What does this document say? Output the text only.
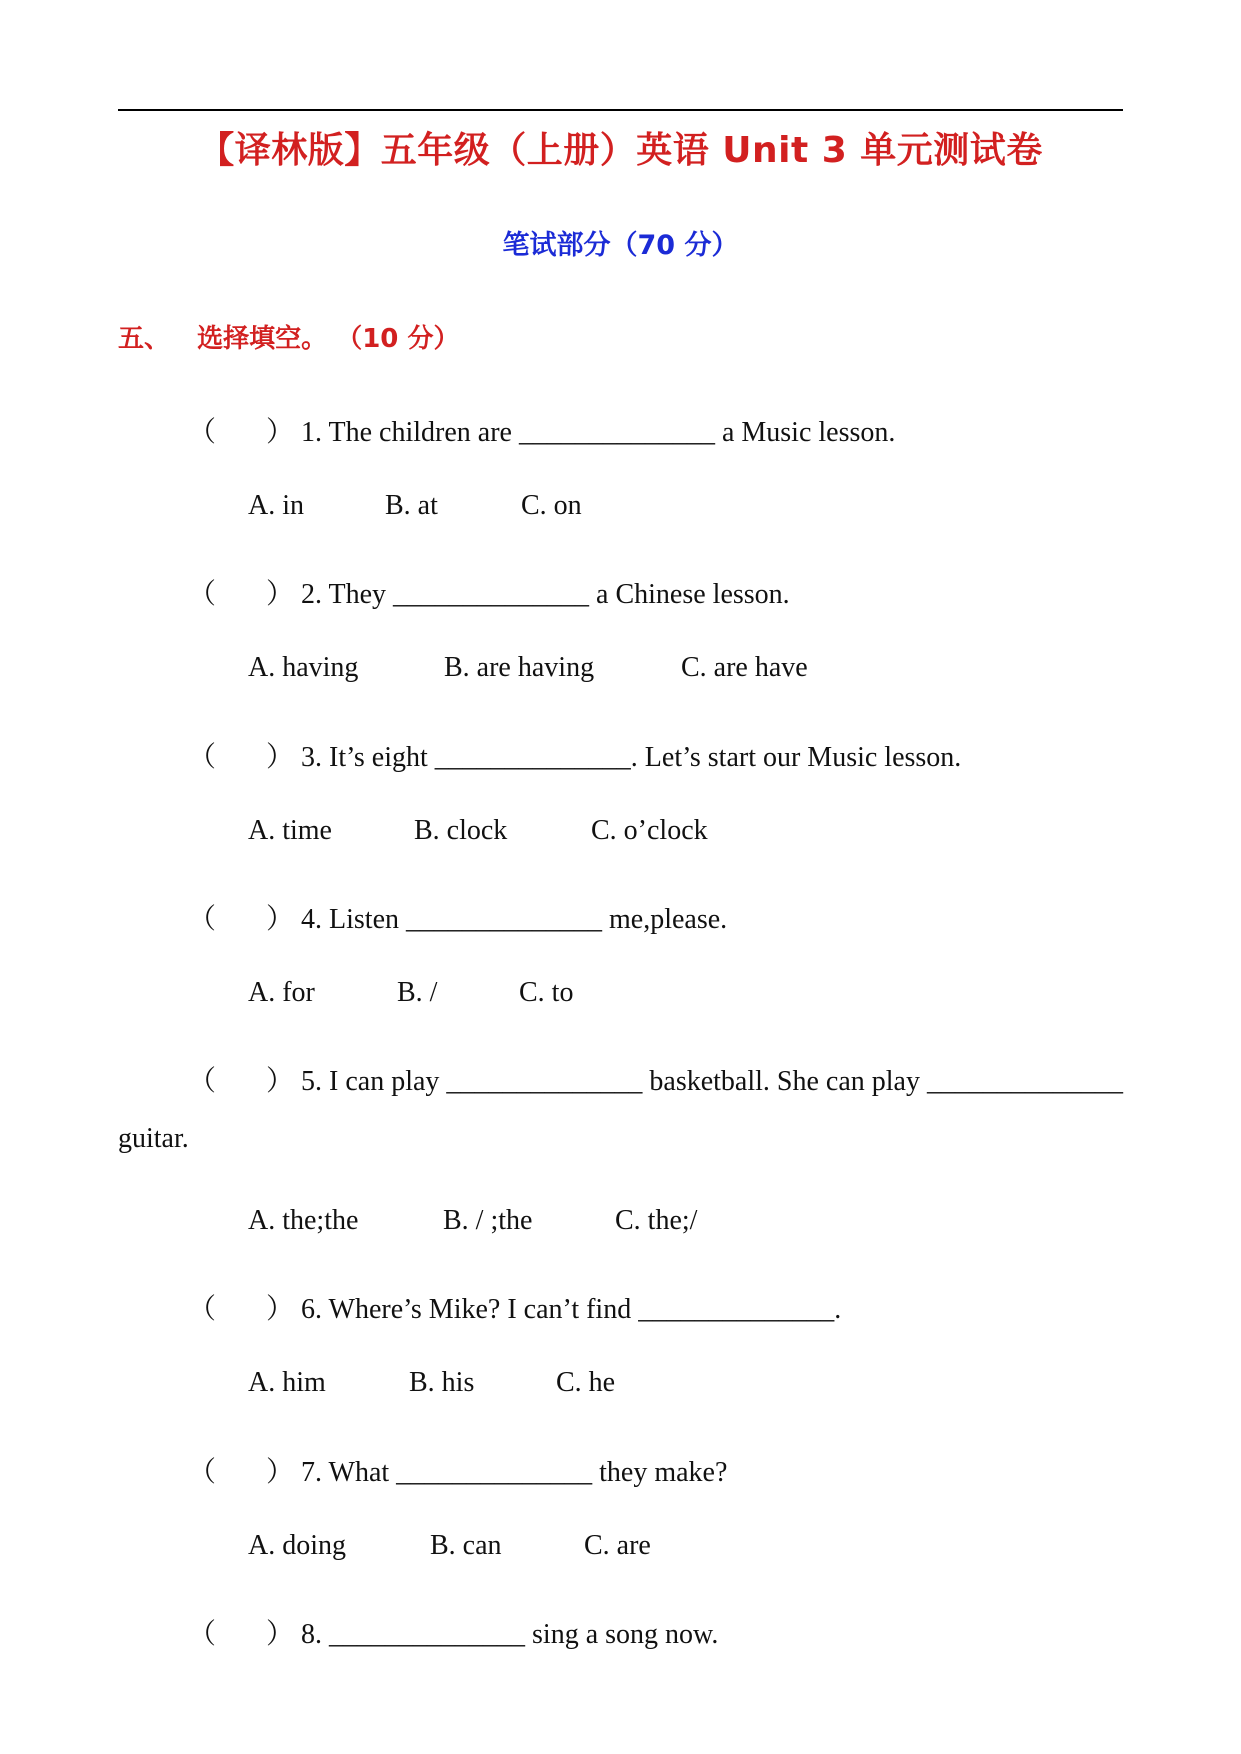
【译林版】五年级（上册）英语 Unit 3 单元测试卷
笔试部分（70 分）
五、   选择填空。 （10 分）
（ ） 1. The children are ______________ a Music lesson.
A. in	B. at	C. on
（ ） 2. They ______________ a Chinese lesson.
A. having	B. are having	C. are have
（ ） 3. It’s eight ______________. Let’s start our Music lesson.
A. time	B. clock	C. o’clock
（ ） 4. Listen ______________ me,please.
A. for	B. /	C. to
（ ） 5. I can play ______________ basketball. She can play ______________
guitar.
A. the;the	B. / ;the	C. the;/
（ ） 6. Where’s Mike? I can’t find ______________.
A. him	B. his	C. he
（ ） 7. What ______________ they make?
A. doing	B. can	C. are
（ ） 8. ______________ sing a song now.
